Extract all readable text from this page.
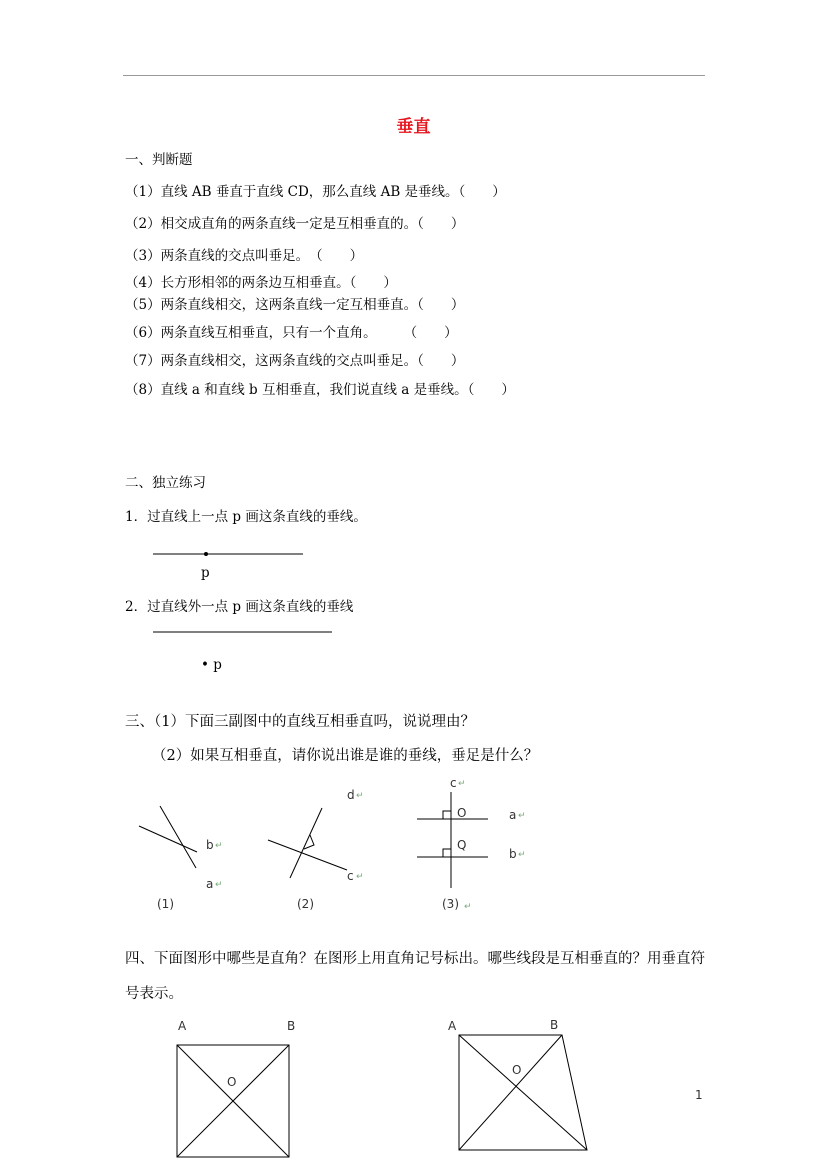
垂直
一、判断题
（1）直线 AB 垂直于直线 CD，那么直线 AB 是垂线。（　　）
（2）相交成直角的两条直线一定是互相垂直的。（　　）
（3）两条直线的交点叫垂足。　（　　）
（4）长方形相邻的两条边互相垂直。（　　）
（5）两条直线相交，这两条直线一定互相垂直。（　　）
（6）两条直线互相垂直，只有一个直角。　　　（　　）
（7）两条直线相交，这两条直线的交点叫垂足。（　　）
（8）直线 a 和直线 b 互相垂直，我们说直线 a 是垂线。（　　）
二、独立练习
1．过直线上一点 p 画这条直线的垂线。
p
2．过直线外一点 p 画这条直线的垂线
• p
三、（1）下面三副图中的直线互相垂直吗，说说理由？
（2）如果互相垂直，请你说出谁是谁的垂线，垂足是什么？
↵
↵
↵
↵
↵
↵
↵
↵
b
a
(1)
d
c
(2)
c
O
Q
a
b
(3)
四、下面图形中哪些是直角？在图形上用直角记号标出。哪些线段是互相垂直的？用垂直符
号表示。
A	B
O
A	B
O
1
